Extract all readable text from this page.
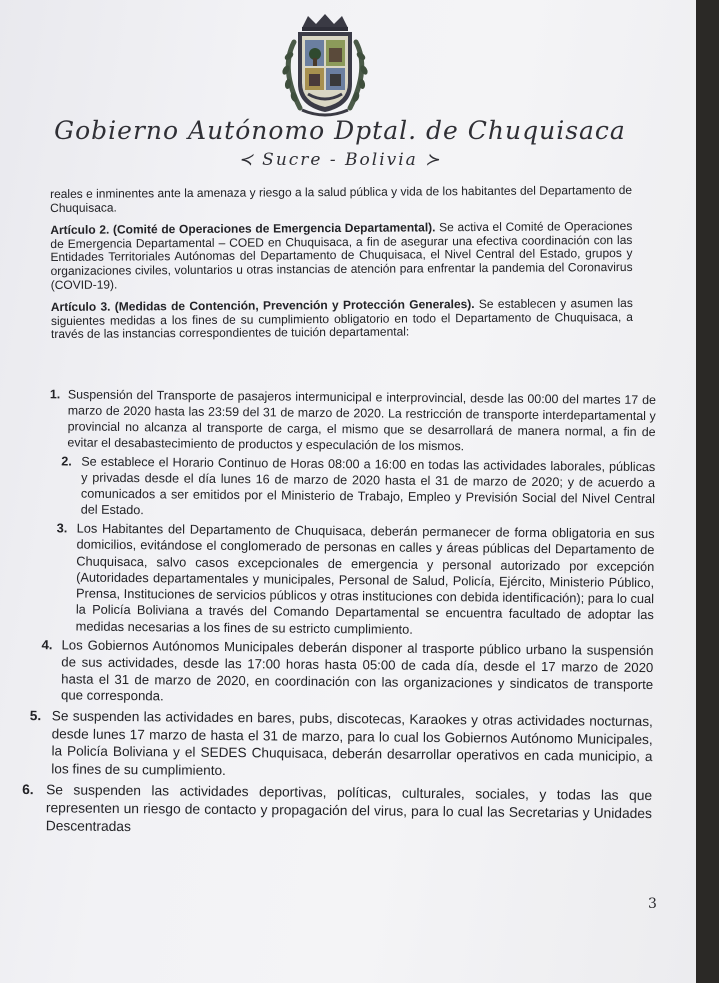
Gobierno Autónomo Dptal. de Chuquisaca
≺ Sucre - Bolivia ≻

reales e inminentes ante la amenaza y riesgo a la salud pública y vida de los habitantes del Departamento de Chuquisaca.

Artículo 2. (Comité de Operaciones de Emergencia Departamental). Se activa el Comité de Operaciones de Emergencia Departamental – COED en Chuquisaca, a fin de asegurar una efectiva coordinación con las Entidades Territoriales Autónomas del Departamento de Chuquisaca, el Nivel Central del Estado, grupos y organizaciones civiles, voluntarios u otras instancias de atención para enfrentar la pandemia del Coronavirus (COVID-19).

Artículo 3. (Medidas de Contención, Prevención y Protección Generales). Se establecen y asumen las siguientes medidas a los fines de su cumplimiento obligatorio en todo el Departamento de Chuquisaca, a través de las instancias correspondientes de tuición departamental:

1. Suspensión del Transporte de pasajeros intermunicipal e interprovincial, desde las 00:00 del martes 17 de marzo de 2020 hasta las 23:59 del 31 de marzo de 2020. La restricción de transporte interdepartamental y provincial no alcanza al transporte de carga, el mismo que se desarrollará de manera normal, a fin de evitar el desabastecimiento de productos y especulación de los mismos.
2. Se establece el Horario Continuo de Horas 08:00 a 16:00 en todas las actividades laborales, públicas y privadas desde el día lunes 16 de marzo de 2020 hasta el 31 de marzo de 2020; y de acuerdo a comunicados a ser emitidos por el Ministerio de Trabajo, Empleo y Previsión Social del Nivel Central del Estado.
3. Los Habitantes del Departamento de Chuquisaca, deberán permanecer de forma obligatoria en sus domicilios, evitándose el conglomerado de personas en calles y áreas públicas del Departamento de Chuquisaca, salvo casos excepcionales de emergencia y personal autorizado por excepción (Autoridades departamentales y municipales, Personal de Salud, Policía, Ejército, Ministerio Público, Prensa, Instituciones de servicios públicos y otras instituciones con debida identificación); para lo cual la Policía Boliviana a través del Comando Departamental se encuentra facultado de adoptar las medidas necesarias a los fines de su estricto cumplimiento.
4. Los Gobiernos Autónomos Municipales deberán disponer al trasporte público urbano la suspensión de sus actividades, desde las 17:00 horas hasta 05:00 de cada día, desde el 17 marzo de 2020 hasta el 31 de marzo de 2020, en coordinación con las organizaciones y sindicatos de transporte que corresponda.
5. Se suspenden las actividades en bares, pubs, discotecas, Karaokes y otras actividades nocturnas, desde lunes 17 marzo de hasta el 31 de marzo, para lo cual los Gobiernos Autónomo Municipales, la Policía Boliviana y el SEDES Chuquisaca, deberán desarrollar operativos en cada municipio, a los fines de su cumplimiento.
6. Se suspenden las actividades deportivas, políticas, culturales, sociales, y todas las que representen un riesgo de contacto y propagación del virus, para lo cual las Secretarias y Unidades Descentradas
3
